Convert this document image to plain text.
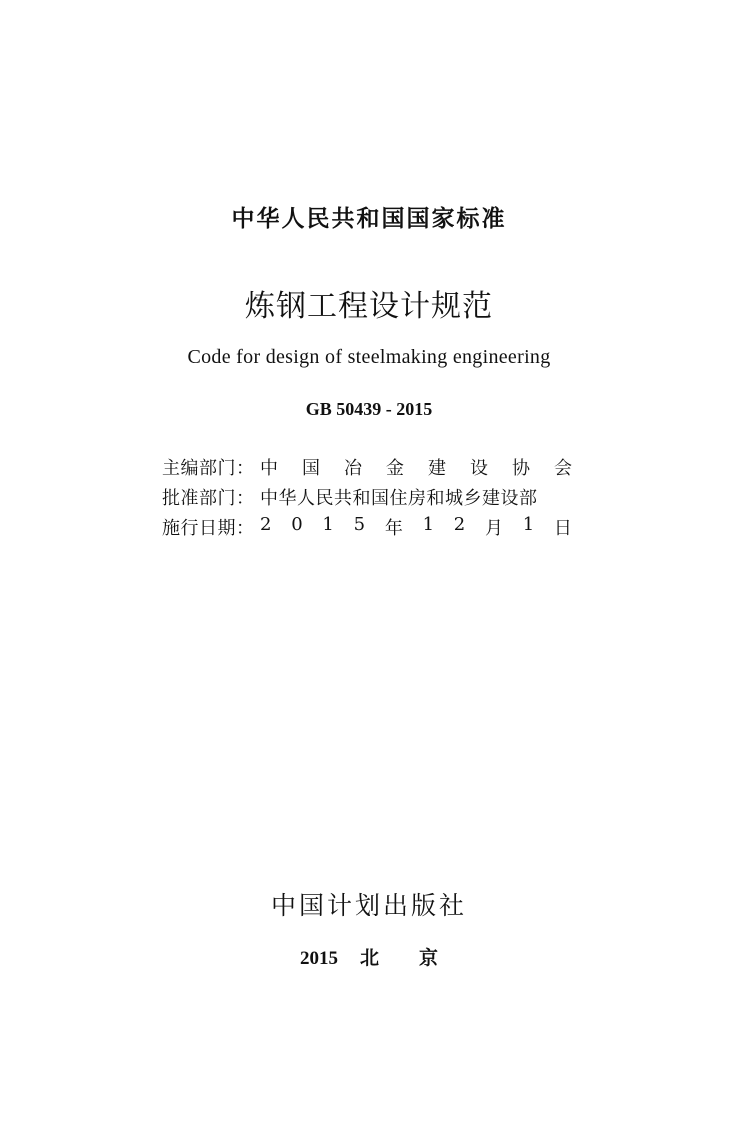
中华人民共和国国家标准
炼钢工程设计规范
Code for design of steelmaking engineering
GB 50439 - 2015
主编部门： 中 国 冶 金 建 设 协 会
批准部门： 中华人民共和国住房和城乡建设部
施行日期： 2 0 1 5 年 1 2 月 1 日
中国计划出版社
2015 北 京
